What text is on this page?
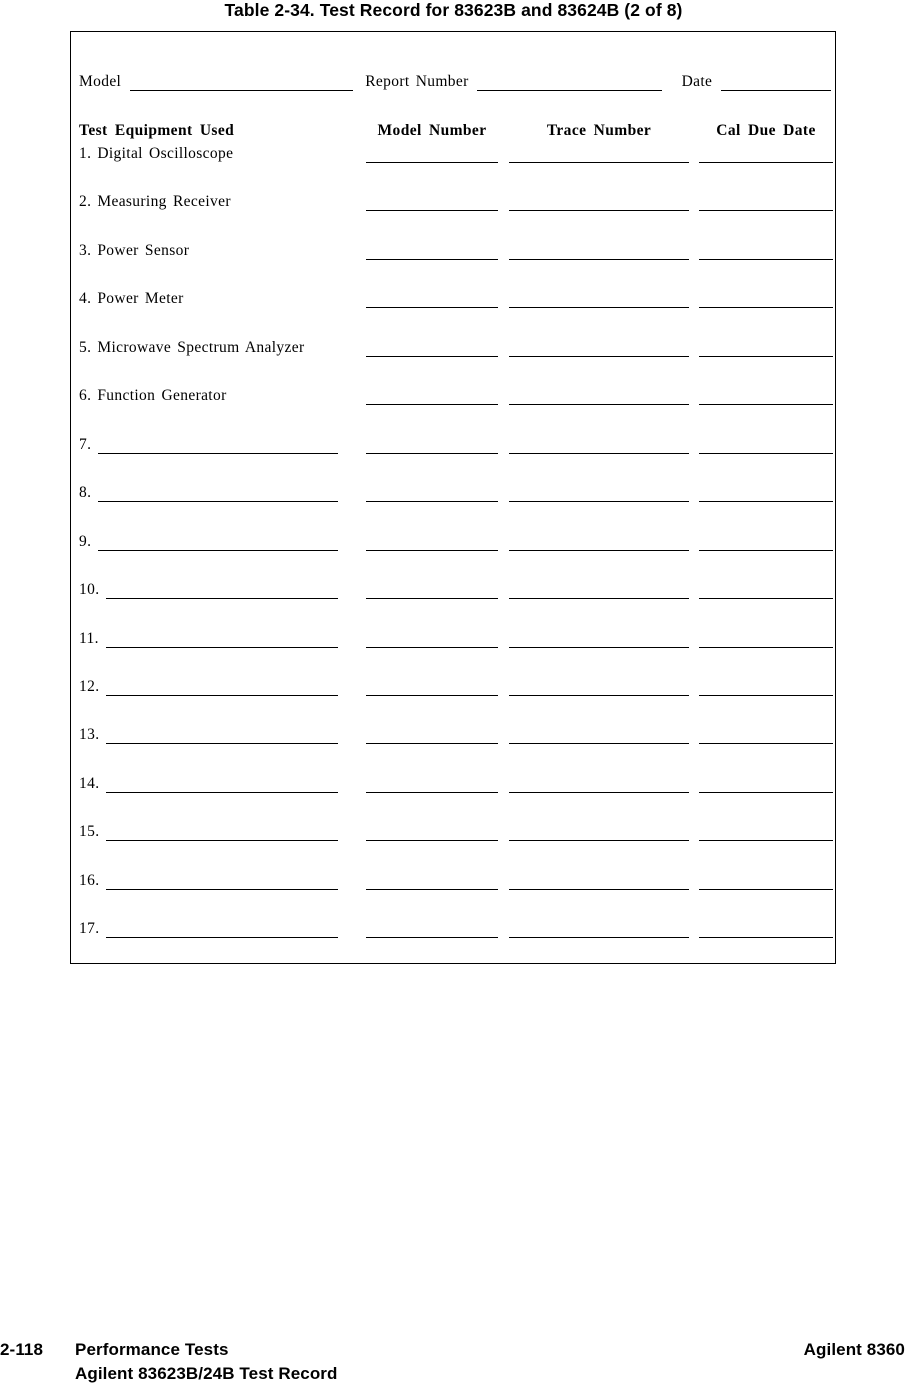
Table 2-34. Test Record for 83623B and 83624B (2 of 8)
Model	Report Number	Date
Test Equipment Used	Model Number	Trace Number	Cal Due Date
1. Digital Oscilloscope
2. Measuring Receiver
3. Power Sensor
4. Power Meter
5. Microwave Spectrum Analyzer
6. Function Generator
7.
8.
9.
10.
11.
12.
13.
14.
15.
16.
17.
2-118 Performance Tests	Agilent 8360
Agilent 83623B/24B Test Record
